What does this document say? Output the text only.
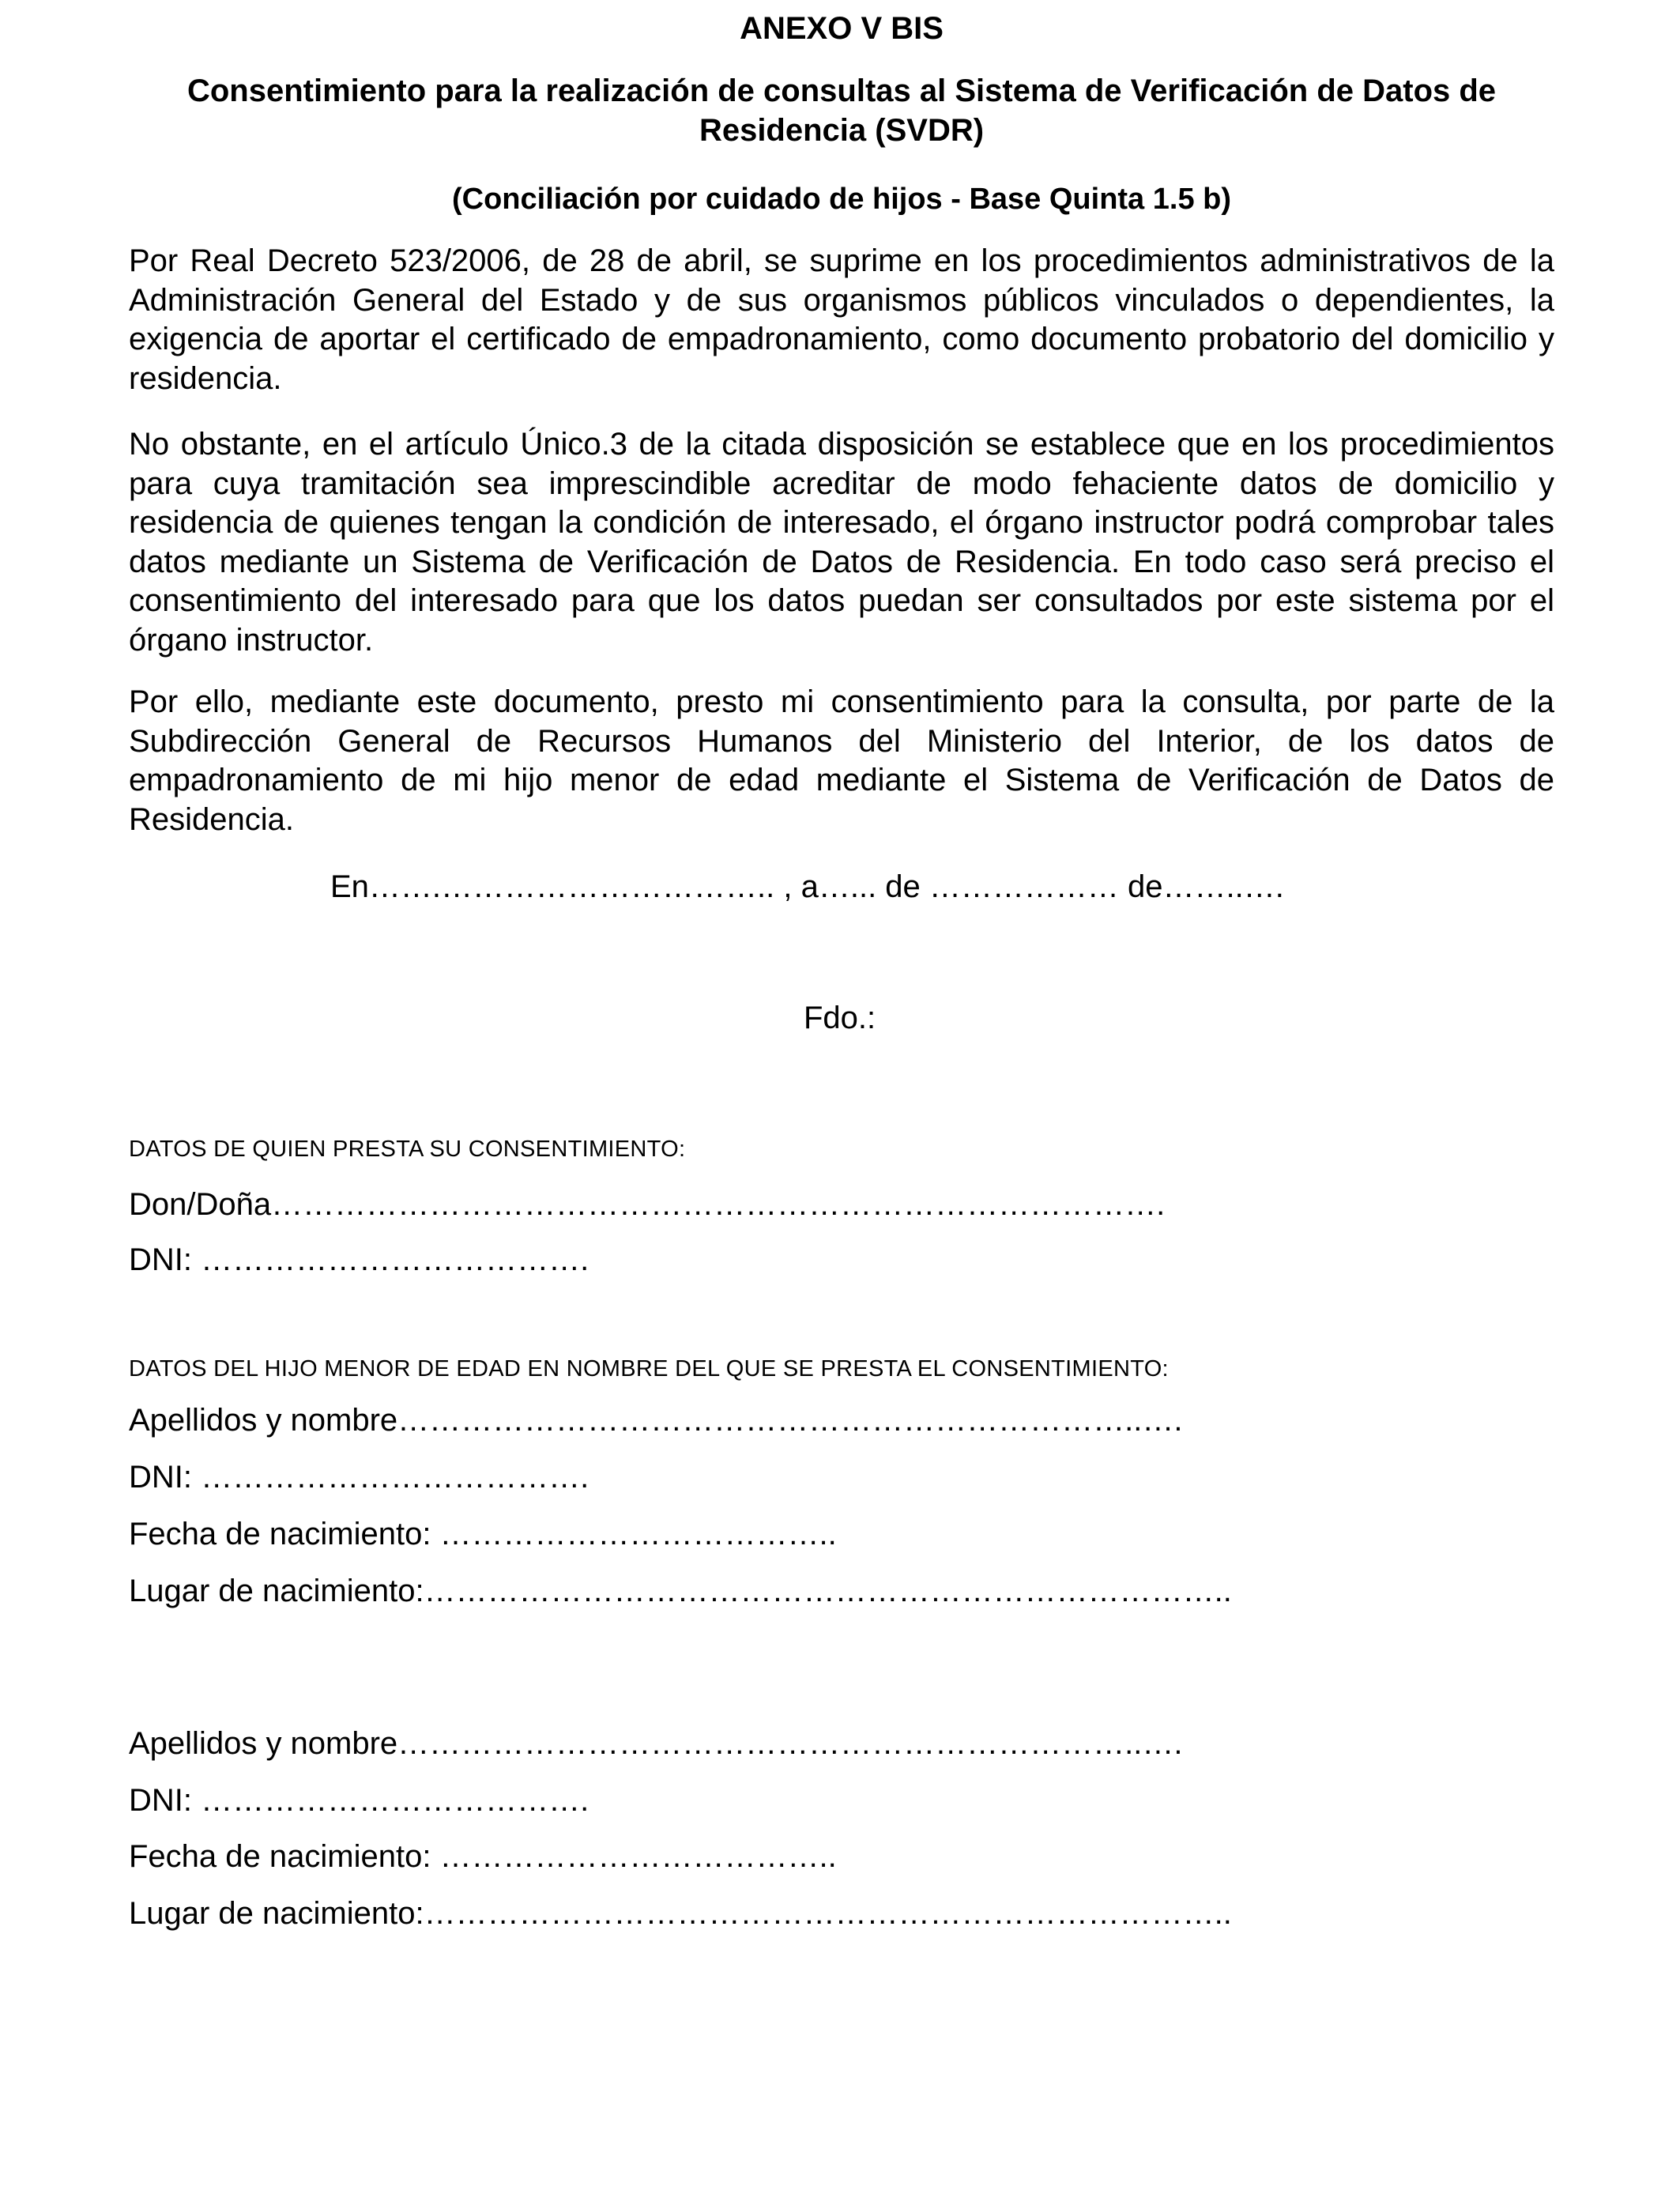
ANEXO V BIS
Consentimiento para la realización de consultas al Sistema de Verificación de Datos de Residencia (SVDR)
(Conciliación por cuidado de hijos - Base Quinta 1.5 b)
Por Real Decreto 523/2006, de 28 de abril, se suprime en los procedimientos administrativos de la Administración General del Estado y de sus organismos públicos vinculados o dependientes, la exigencia de aportar el certificado de empadronamiento, como documento probatorio del domicilio y residencia.
No obstante, en el artículo Único.3 de la citada disposición se establece que en los procedimientos para cuya tramitación sea imprescindible acreditar de modo fehaciente datos de domicilio y residencia de quienes tengan la condición de interesado, el órgano instructor podrá comprobar tales datos mediante un Sistema de Verificación de Datos de Residencia. En todo caso será preciso el consentimiento del interesado para que los datos puedan ser consultados por este sistema por el órgano instructor.
Por ello, mediante este documento, presto mi consentimiento para la consulta, por parte de la Subdirección General de Recursos Humanos del Ministerio del Interior, de los datos de empadronamiento de mi hijo menor de edad mediante el Sistema de Verificación de Datos de Residencia.
En…….………………………….. , a…... de ……………… de……..….
Fdo.:
DATOS DE QUIEN PRESTA SU CONSENTIMIENTO:
Don/Doña………………………………………………………………………….
DNI: ……………………………….
DATOS DEL HIJO MENOR DE EDAD EN NOMBRE DEL QUE SE PRESTA EL CONSENTIMIENTO:
Apellidos y nombre……………………………………………………………..….
DNI: ……………………………….
Fecha de nacimiento: ………………………………..
Lugar de nacimiento:…………………………………………………………………..
Apellidos y nombre……………………………………………………………..….
DNI: ……………………………….
Fecha de nacimiento: ………………………………..
Lugar de nacimiento:…………………………………………………………………..
